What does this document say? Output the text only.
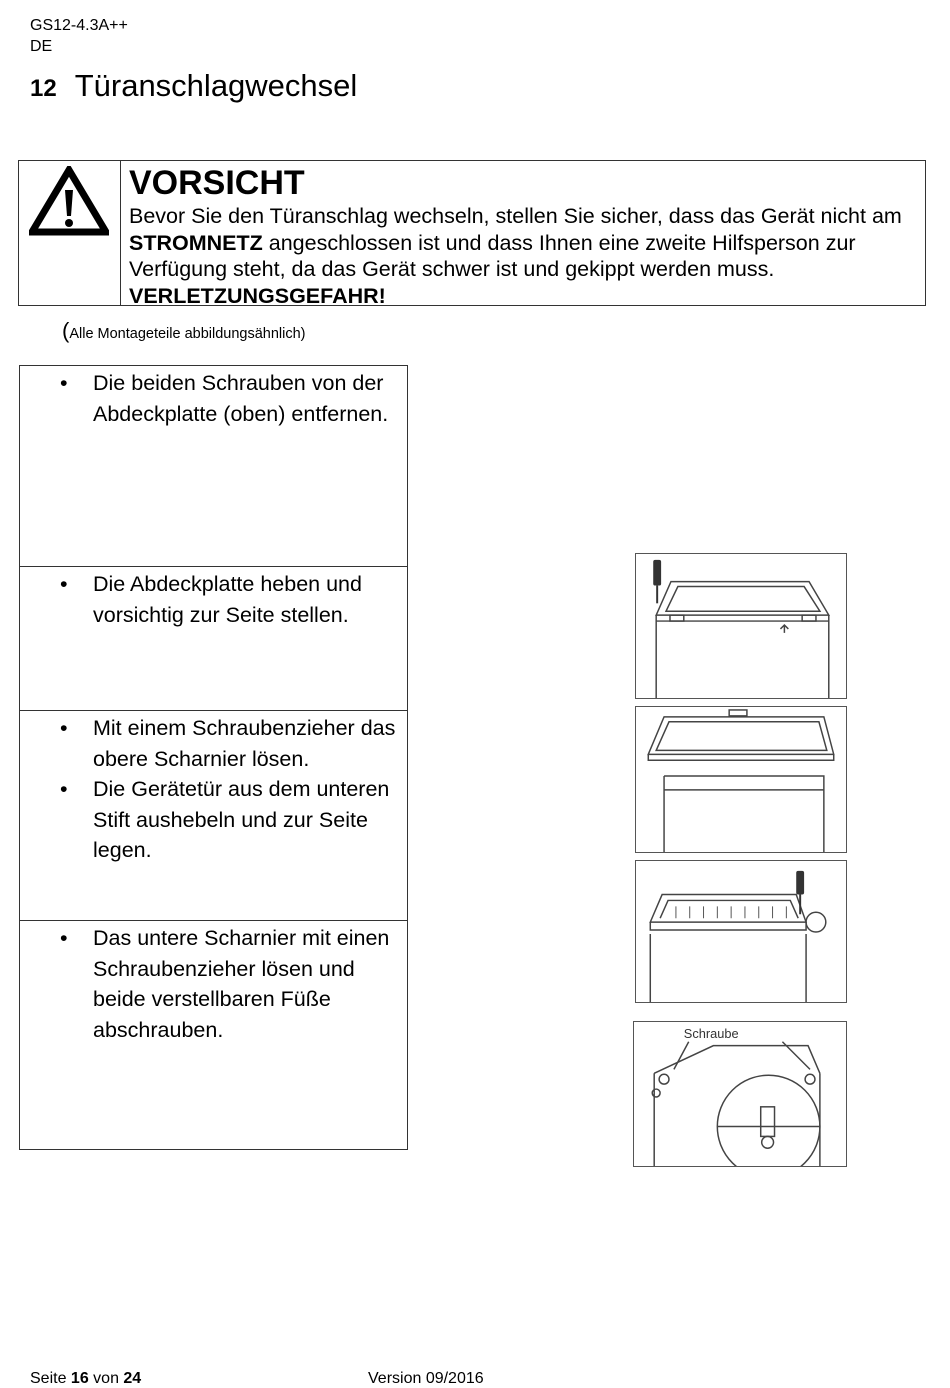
GS12-4.3A++
DE
12 Türanschlagwechsel
VORSICHT
Bevor Sie den Türanschlag wechseln, stellen Sie sicher, dass das Gerät nicht am STROMNETZ angeschlossen ist und dass Ihnen eine zweite Hilfsperson zur Verfügung steht, da das Gerät schwer ist und gekippt werden muss. VERLETZUNGSGEFAHR!
(Alle Montageteile abbildungsähnlich)
• Die beiden Schrauben von der Abdeckplatte (oben) entfernen.
• Die Abdeckplatte heben und vorsichtig zur Seite stellen.
• Mit einem Schraubenzieher das obere Scharnier lösen.
• Die Gerätetür aus dem unteren Stift aushebeln und zur Seite legen.
• Das untere Scharnier mit einen Schraubenzieher lösen und beide verstellbaren Füße abschrauben.	Schraube
Seite 16 von 24	Version 09/2016
